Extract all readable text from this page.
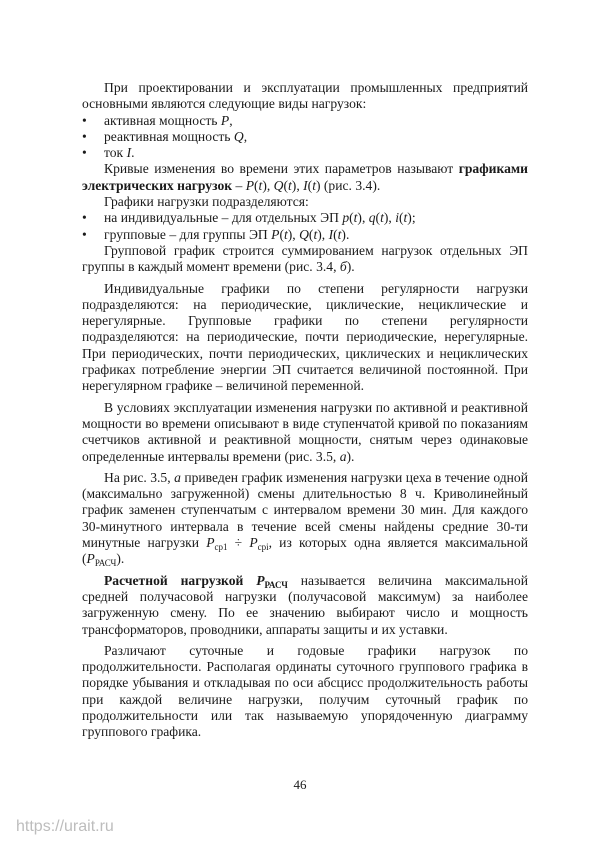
При проектировании и эксплуатации промышленных предприятий основными являются следующие виды нагрузок:

• активная мощность P,
• реактивная мощность Q,
• ток I.

Кривые изменения во времени этих параметров называют графиками электрических нагрузок – P(t), Q(t), I(t) (рис. 3.4).

Графики нагрузки подразделяются:

• на индивидуальные – для отдельных ЭП p(t), q(t), i(t);
• групповые – для группы ЭП P(t), Q(t), I(t).

Групповой график строится суммированием нагрузок отдельных ЭП группы в каждый момент времени (рис. 3.4, б).

Индивидуальные графики по степени регулярности нагрузки подразделяются: на периодические, циклические, нециклические и нерегулярные. Групповые графики по степени регулярности подразделяются: на периодические, почти периодические, нерегулярные. При периодических, почти периодических, циклических и нециклических графиках потребление энергии ЭП считается величиной постоянной. При нерегулярном графике – величиной переменной.

В условиях эксплуатации изменения нагрузки по активной и реактивной мощности во времени описывают в виде ступенчатой кривой по показаниям счетчиков активной и реактивной мощности, снятым через одинаковые определенные интервалы времени (рис. 3.5, а).

На рис. 3.5, а приведен график изменения нагрузки цеха в течение одной (максимально загруженной) смены длительностью 8 ч. Криволинейный график заменен ступенчатым с интервалом времени 30 мин. Для каждого 30-минутного интервала в течение всей смены найдены средние 30-ти минутные нагрузки $P_{ср1} \div P_{срі}$, из которых одна является максимальной $(P_{РАСЧ})$.

Расчетной нагрузкой $P_{РАСЧ}$ называется величина максимальной средней получасовой нагрузки (получасовой максимум) за наиболее загруженную смену. По ее значению выбирают число и мощность трансформаторов, проводники, аппараты защиты и их уставки.

Различают суточные и годовые графики нагрузок по продолжительности. Располагая ординаты суточного группового графика в порядке убывания и откладывая по оси абсцисс продолжительность работы при каждой величине нагрузки, получим суточный график по продолжительности или так называемую упорядоченную диаграмму группового графика.

46
https://urait.ru
